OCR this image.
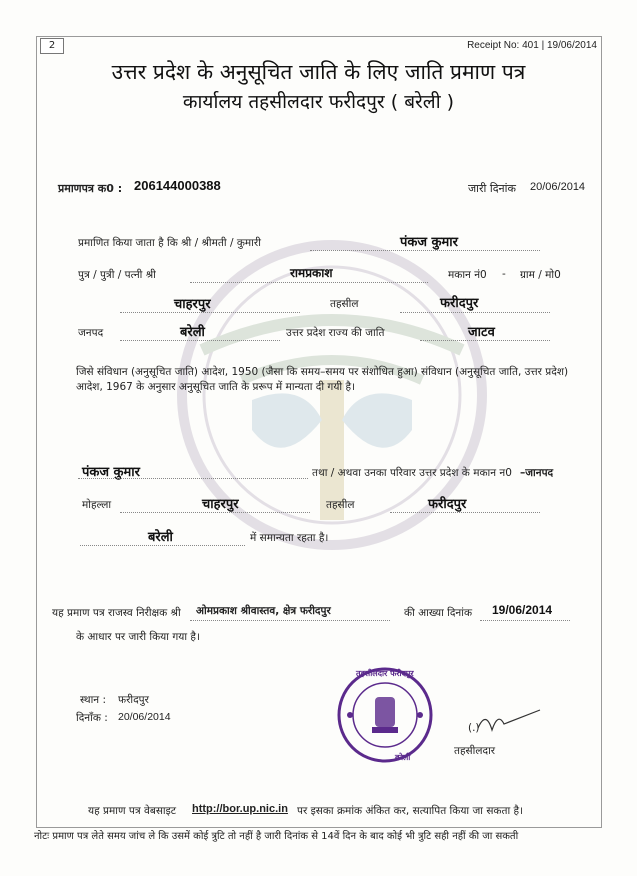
2	Receipt No: 401 | 19/06/2014
उत्तर प्रदेश के अनुसूचित जाति के लिए जाति प्रमाण पत्र
कार्यालय तहसीलदार फरीदपुर ( बरेली )
प्रमाणपत्र क0 : 206144000388	जारी दिनांक 20/06/2014
प्रमाणित किया जाता है कि श्री / श्रीमती / कुमारी	पंकज कुमार
पुत्र / पुत्री / पत्नी श्री	रामप्रकाश	मकान नं0 - ग्राम / मो0
चाहरपुर	तहसील	फरीदपुर
जनपद	बरेली	उत्तर प्रदेश राज्य की जाति	जाटव
जिसे संविधान (अनुसूचित जाति) आदेश, 1950 (जैसा कि समय–समय पर संशोधित हुआ) संविधान (अनुसूचित जाति, उत्तर प्रदेश) आदेश, 1967 के अनुसार अनुसूचित जाति के प्ररूप में मान्यता दी गयी है।
पंकज कुमार	तथा / अथवा उनका परिवार उत्तर प्रदेश के मकान न0 –जानपद
मोहल्ला	चाहरपुर	तहसील	फरीदपुर
बरेली	में समान्यता रहता है।
यह प्रमाण पत्र राजस्व निरीक्षक श्री ओमप्रकाश श्रीवास्तव, क्षेत्र फरीदपुर	की आख्या दिनांक 19/06/2014
के आधार पर जारी किया गया है।
स्थान : फरीदपुर
दिनाँक : 20/06/2014
तहसीलदार फरीदपुर
बरेली
(.)
तहसीलदार
यह प्रमाण पत्र वेबसाइट http://bor.up.nic.in पर इसका क्रमांक अंकित कर, सत्यापित किया जा सकता है।
नोटः प्रमाण पत्र लेते समय जांच ले कि उसमें कोई त्रुटि तो नहीं है जारी दिनांक से 14वें दिन के बाद कोई भी त्रुटि सही नहीं की जा सकती
